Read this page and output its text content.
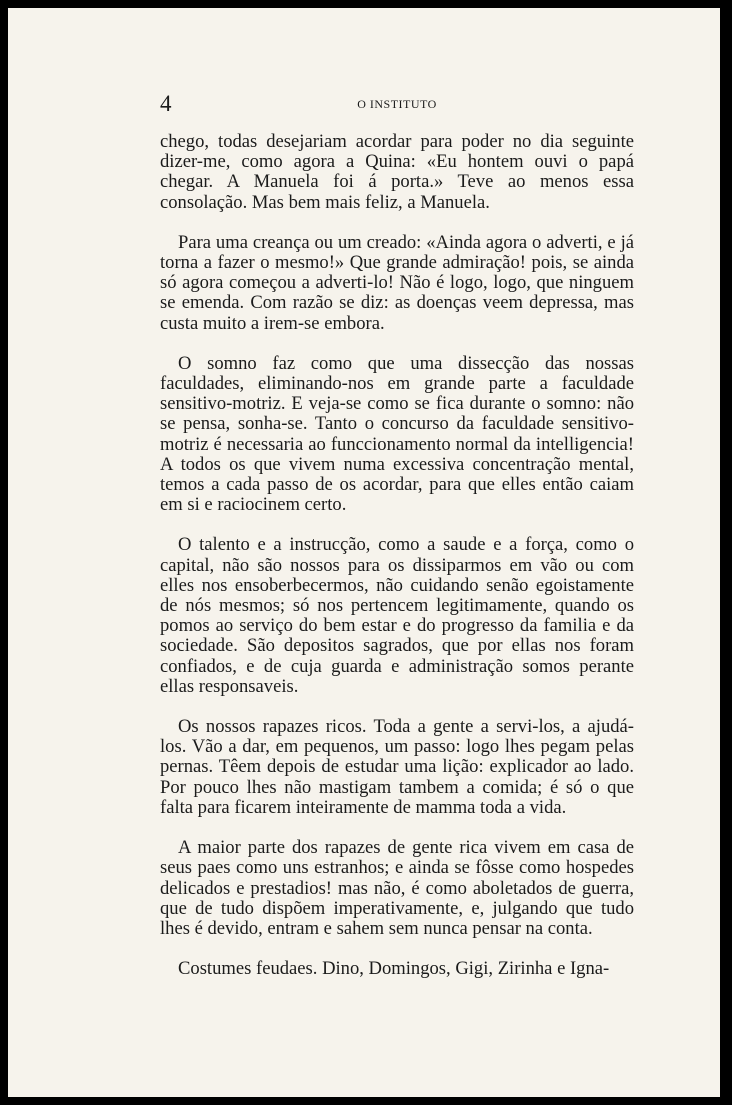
4	O INSTITUTO

chego, todas desejariam acordar para poder no dia seguinte dizer-me, como agora a Quina: «Eu hontem ouvi o papá chegar. A Manuela foi á porta.» Teve ao menos essa consolação. Mas bem mais feliz, a Manuela.

Para uma creança ou um creado: «Ainda agora o adverti, e já torna a fazer o mesmo!» Que grande admiração! pois, se ainda só agora começou a adverti-lo! Não é logo, logo, que ninguem se emenda. Com razão se diz: as doenças veem depressa, mas custa muito a irem-se embora.

O somno faz como que uma dissecção das nossas faculdades, eliminando-nos em grande parte a faculdade sensitivo-motriz. E veja-se como se fica durante o somno: não se pensa, sonha-se. Tanto o concurso da faculdade sensitivo-motriz é necessaria ao funccionamento normal da intelligencia! A todos os que vivem numa excessiva concentração mental, temos a cada passo de os acordar, para que elles então caiam em si e raciocinem certo.

O talento e a instrucção, como a saude e a força, como o capital, não são nossos para os dissiparmos em vão ou com elles nos ensoberbecermos, não cuidando senão egoistamente de nós mesmos; só nos pertencem legitimamente, quando os pomos ao serviço do bem estar e do progresso da familia e da sociedade. São depositos sagrados, que por ellas nos foram confiados, e de cuja guarda e administração somos perante ellas responsaveis.

Os nossos rapazes ricos. Toda a gente a servi-los, a ajudá-los. Vão a dar, em pequenos, um passo: logo lhes pegam pelas pernas. Têem depois de estudar uma lição: explicador ao lado. Por pouco lhes não mastigam tambem a comida; é só o que falta para ficarem inteiramente de mamma toda a vida.

A maior parte dos rapazes de gente rica vivem em casa de seus paes como uns estranhos; e ainda se fôsse como hospedes delicados e prestadios! mas não, é como aboletados de guerra, que de tudo dispõem imperativamente, e, julgando que tudo lhes é devido, entram e sahem sem nunca pensar na conta.

Costumes feudaes. Dino, Domingos, Gigi, Zirinha e Igna-
